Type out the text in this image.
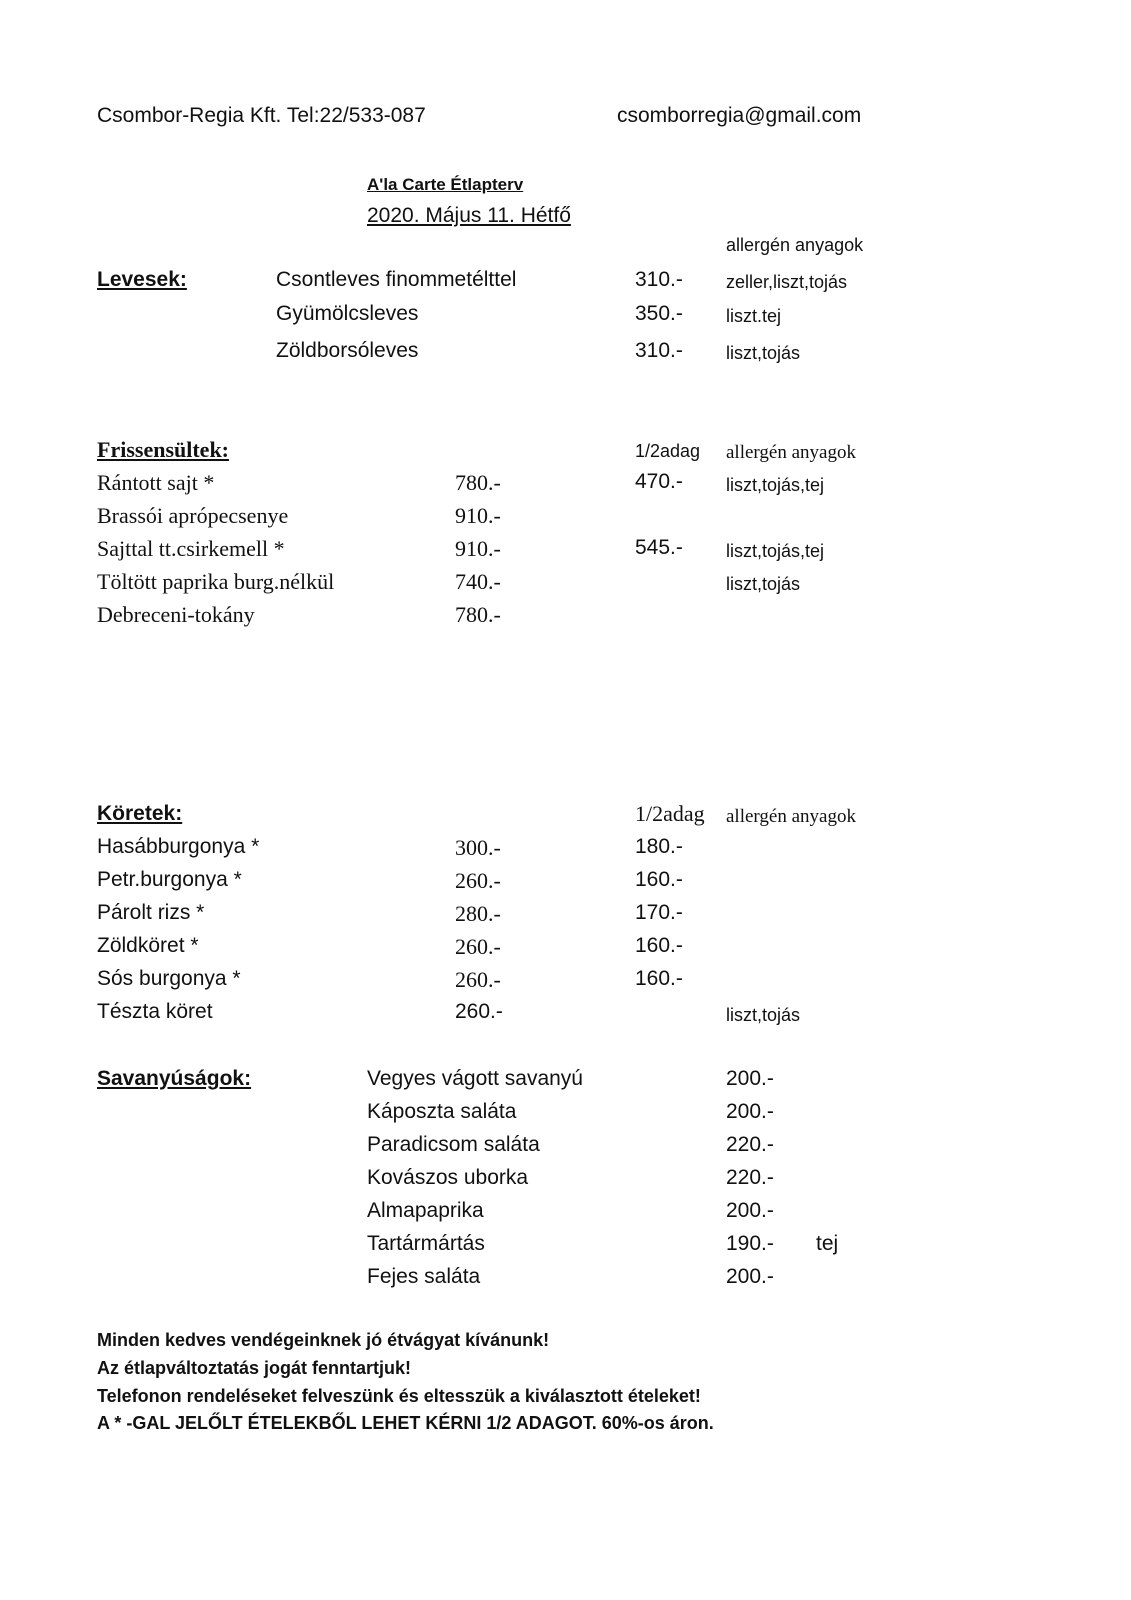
Csombor-Regia Kft. Tel:22/533-087	csomborregia@gmail.com
A'la Carte Étlapterv
2020. Május 11. Hétfő
allergén anyagok
Levesek:	Csontleves finommetélttel	310.- zeller,liszt,tojás
Gyümölcsleves	350.- liszt.tej
Zöldborsóleves	310.- liszt,tojás
Frissensültek:	1/2adag allergén anyagok
Rántott sajt *	780.-	470.- liszt,tojás,tej
Brassói aprópecsenye	910.-
Sajttal tt.csirkemell *	910.-	545.- liszt,tojás,tej
Töltött paprika burg.nélkül	740.-	liszt,tojás
Debreceni-tokány	780.-
Köretek:	1/2adag allergén anyagok
Hasábburgonya *	300.-	180.-
Petr.burgonya *	260.-	160.-
Párolt rizs *	280.-	170.-
Zöldköret *	260.-	160.-
Sós burgonya *	260.-	160.-
Tészta köret	260.-	liszt,tojás
Savanyúságok:	Vegyes vágott savanyú	200.-
Káposzta saláta	200.-
Paradicsom saláta	220.-
Kovászos uborka	220.-
Almapaprika	200.-
Tartármártás	190.- tej
Fejes saláta	200.-
Minden kedves vendégeinknek jó étvágyat kívánunk!
Az étlapváltoztatás jogát fenntartjuk!
Telefonon rendeléseket felveszünk és eltesszük a kiválasztott ételeket!
A * -GAL JELŐLT ÉTELEKBŐL LEHET KÉRNI 1/2 ADAGOT. 60%-os áron.
